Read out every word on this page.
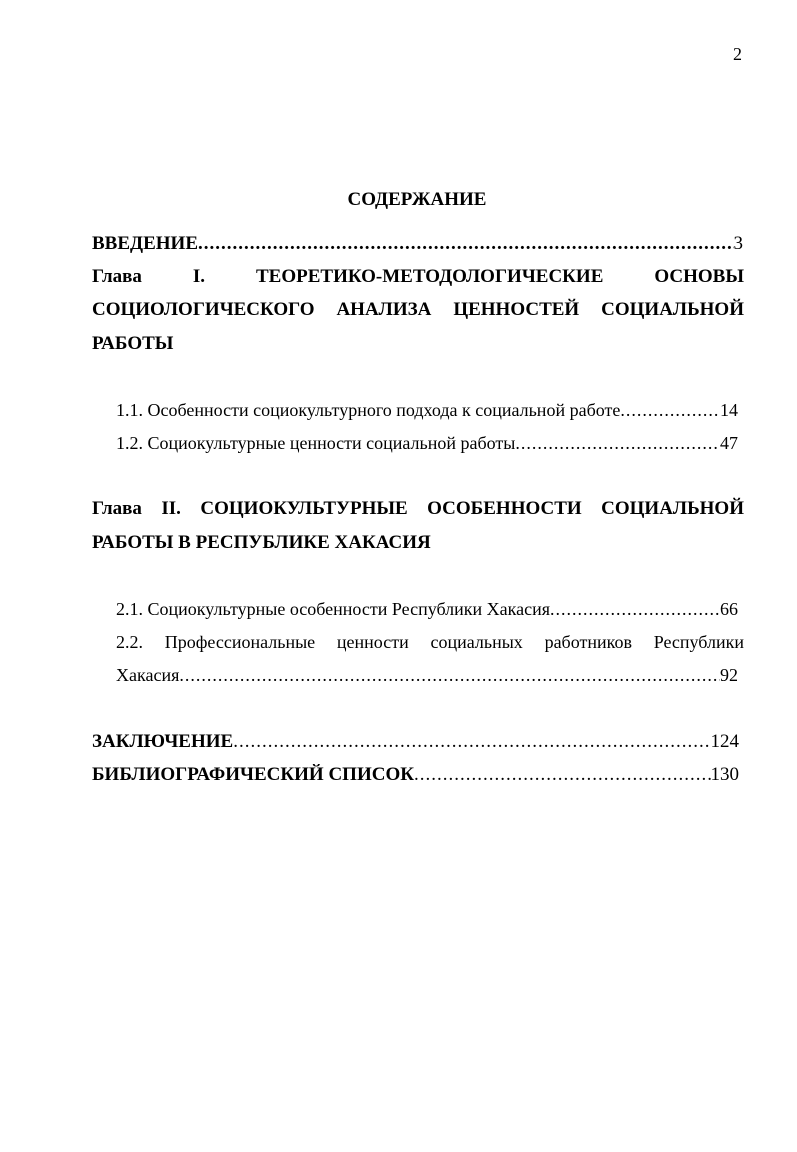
2
СОДЕРЖАНИЕ
ВВЕДЕНИЕ .....	3
Глава I. ТЕОРЕТИКО-МЕТОДОЛОГИЧЕСКИЕ ОСНОВЫ
СОЦИОЛОГИЧЕСКОГО АНАЛИЗА ЦЕННОСТЕЙ СОЦИАЛЬНОЙ
РАБОТЫ
1.1. Особенности социокультурного подхода к социальной работе .....	14
1.2. Социокультурные ценности социальной работы .....	47
Глава II. СОЦИОКУЛЬТУРНЫЕ ОСОБЕННОСТИ СОЦИАЛЬНОЙ
РАБОТЫ В РЕСПУБЛИКЕ ХАКАСИЯ
2.1. Социокультурные особенности Республики Хакасия .....	66
2.2. Профессиональные ценности социальных работников Республики
Хакасия .....	92
ЗАКЛЮЧЕНИЕ .....	124
БИБЛИОГРАФИЧЕСКИЙ СПИСОК .....	130
